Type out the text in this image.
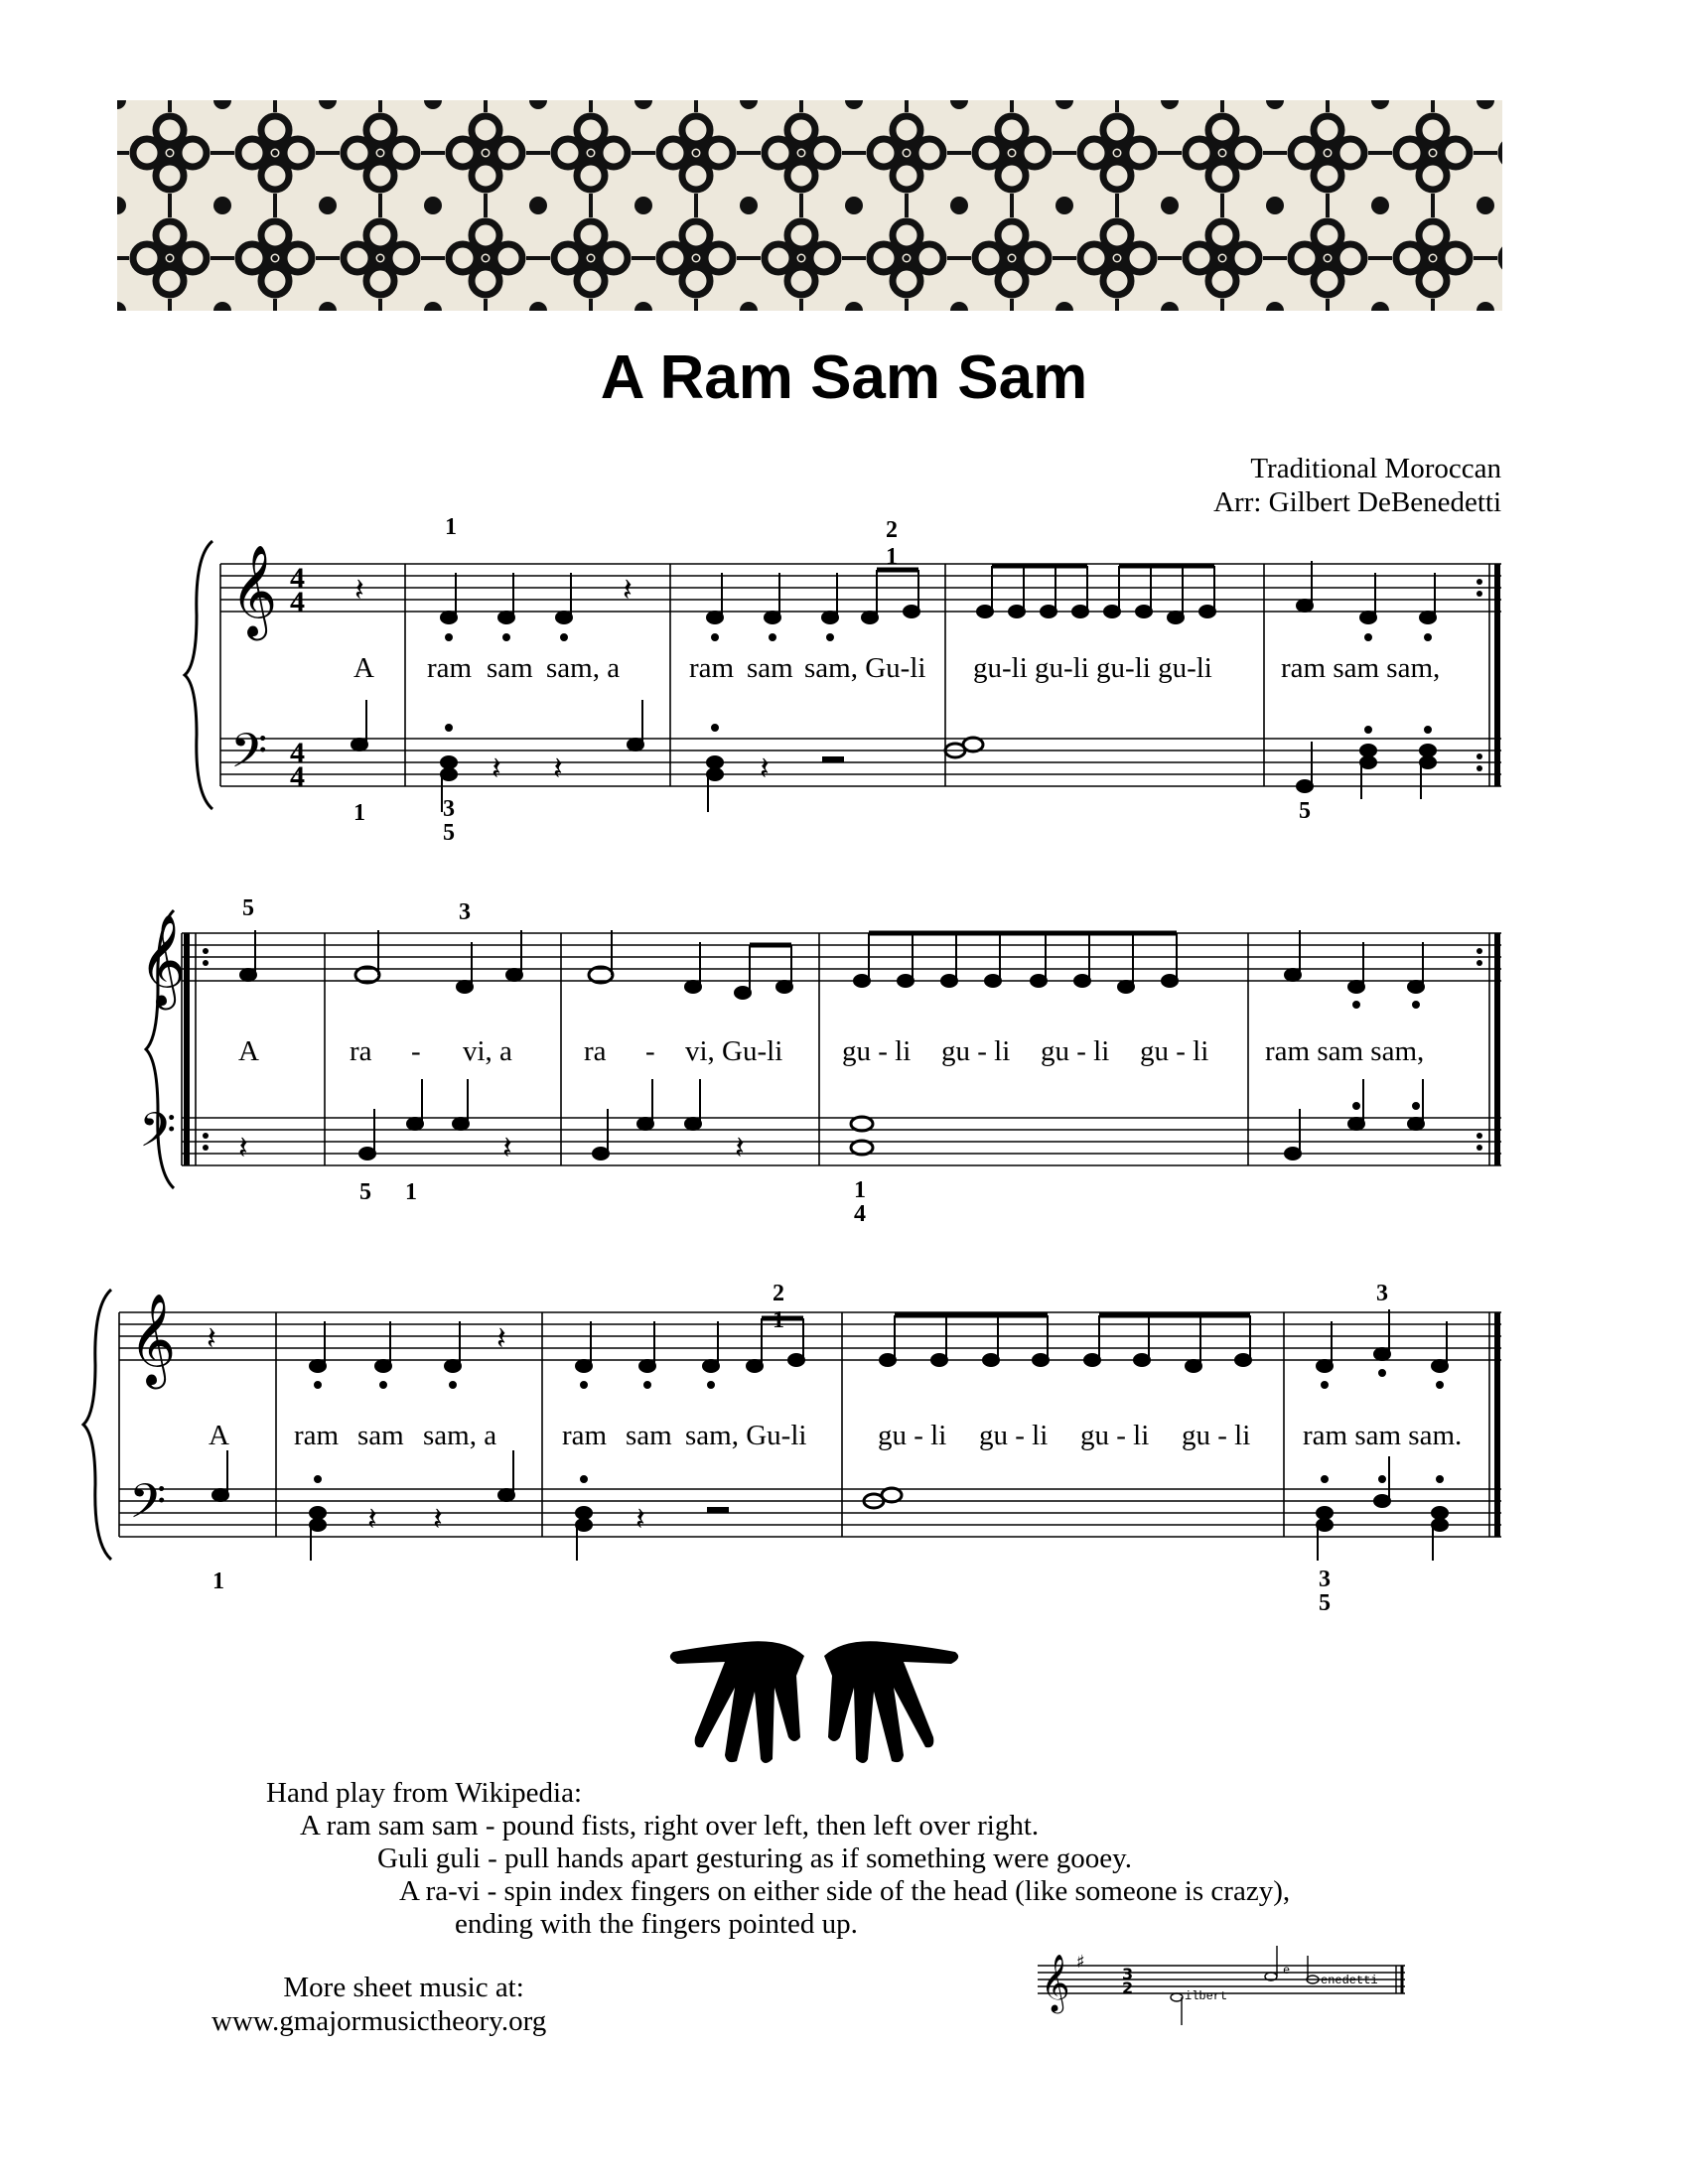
A Ram Sam Sam
Traditional Moroccan
Arr: Gilbert DeBenedetti
𝄞
𝄢
4
4
4
4
𝄽	𝄽
𝄽 𝄽	𝄽
𝄞
𝄢 𝄽	𝄽	𝄽
𝄞
𝄢
𝄽	𝄽
𝄽 𝄽	𝄽
A ram sam sam, a ram sam sam, Gu-li gu-li gu-li gu-li gu-li ram sam sam,
1	2 1
1	3
5
5
A	ra - vi, a ra - vi, Gu-li gu - li gu - li gu - li gu - li ram sam sam,
5	3
5 1	1
4
A ram sam sam, a ram sam sam, Gu-li gu - li gu - li gu - li gu - li ram sam sam.
2 1
3
1	3
5
Hand play from Wikipedia:
A ram sam sam - pound fists, right over left, then left over right.
Guli guli - pull hands apart gesturing as if something were gooey.
A ra-vi - spin index fingers on either side of the head (like someone is crazy),
ending with the fingers pointed up.
More sheet music at:
www.gmajormusictheory.org
𝄞 ♯
3
2	ilbert
e
enedetti
